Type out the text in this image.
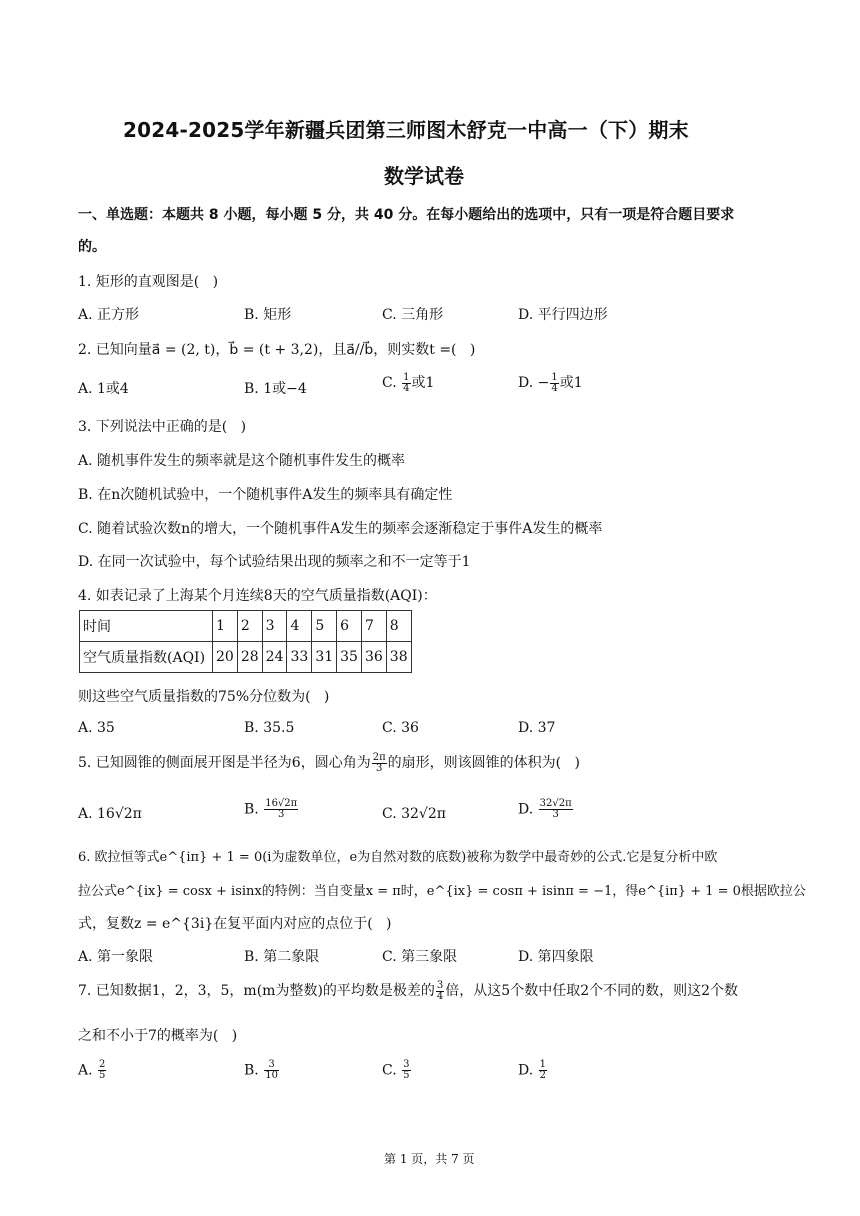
2024-2025学年新疆兵团第三师图木舒克一中高一（下）期末
数学试卷
一、单选题：本题共 8 小题，每小题 5 分，共 40 分。在每小题给出的选项中，只有一项是符合题目要求
的。
1. 矩形的直观图是(   )
A. 正方形	B. 矩形	C. 三角形	D. 平行四边形
2. 已知向量a⃗ = (2, t)，b⃗ = (t + 3,2)，且a⃗//b⃗，则实数t =(   )
A. 1或4	B. 1或−4	C. $\frac{1}{4}$ 或1	D. − $\frac{1}{4}$ 或1
3. 下列说法中正确的是(   )
A. 随机事件发生的频率就是这个随机事件发生的概率
B. 在n次随机试验中，一个随机事件A发生的频率具有确定性
C. 随着试验次数n的增大，一个随机事件A发生的频率会逐渐稳定于事件A发生的概率
D. 在同一次试验中，每个试验结果出现的频率之和不一定等于1
4. 如表记录了上海某个月连续8天的空气质量指数(AQI)：
时间	1	2	3	4	5	6	7	8
空气质量指数(AQI)	20	28	24	33	31	35	36	38
则这些空气质量指数的75%分位数为(   )
A. 35	B. 35.5	C. 36	D. 37
5. 已知圆锥的侧面展开图是半径为6，圆心角为 $\frac{2\pi}{3}$ 的扇形，则该圆锥的体积为(   )
A. 16√2π	B. $\frac{16√2\pi}{3}$	C. 32√2π	D. $\frac{32√2\pi}{3}$
6. 欧拉恒等式e^{iπ} + 1 = 0(i为虚数单位，e为自然对数的底数)被称为数学中最奇妙的公式.它是复分析中欧
拉公式e^{ix} = cosx + isinx的特例：当自变量x = π时，e^{ix} = cosπ + isinπ = −1，得e^{iπ} + 1 = 0根据欧拉公
式，复数z = e^{3i}在复平面内对应的点位于(   )
A. 第一象限	B. 第二象限	C. 第三象限	D. 第四象限
7. 已知数据1，2，3，5，m(m为整数)的平均数是极差的 $\frac{3}{4}$ 倍，从这5个数中任取2个不同的数，则这2个数
之和不小于7的概率为(   )
A. $\frac{2}{5}$	B. $\frac{3}{10}$	C. $\frac{3}{5}$	D. $\frac{1}{2}$
第 1 页，共 7 页
